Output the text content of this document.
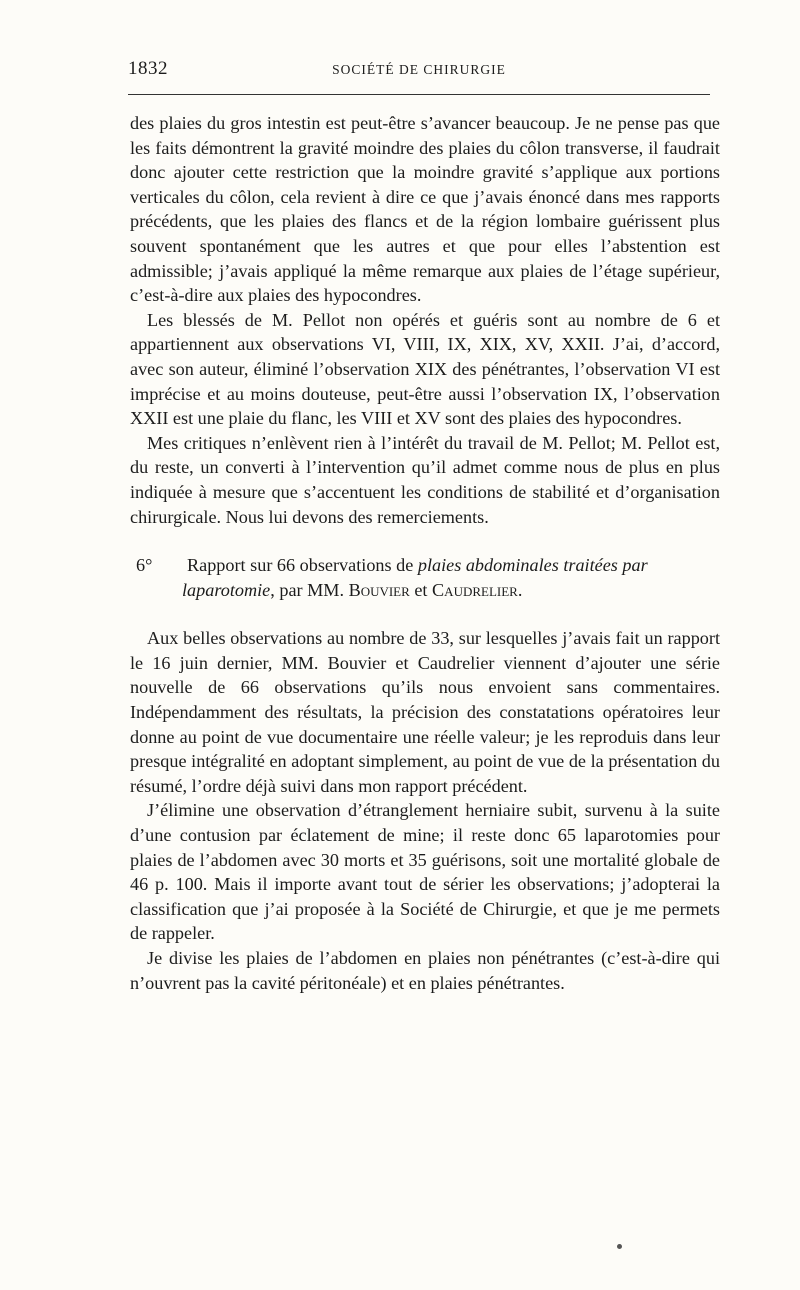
1832	SOCIÉTÉ DE CHIRURGIE

des plaies du gros intestin est peut-être s’avancer beaucoup. Je ne pense pas que les faits démontrent la gravité moindre des plaies du côlon transverse, il faudrait donc ajouter cette restriction que la moindre gravité s’applique aux portions verticales du côlon, cela revient à dire ce que j’avais énoncé dans mes rapports précédents, que les plaies des flancs et de la région lombaire guérissent plus souvent spontanément que les autres et que pour elles l’abstention est admissible; j’avais appliqué la même remarque aux plaies de l’étage supérieur, c’est-à-dire aux plaies des hypocondres.

Les blessés de M. Pellot non opérés et guéris sont au nombre de 6 et appartiennent aux observations VI, VIII, IX, XIX, XV, XXII. J’ai, d’accord, avec son auteur, éliminé l’observation XIX des pénétrantes, l’observation VI est imprécise et au moins douteuse, peut-être aussi l’observation IX, l’observation XXII est une plaie du flanc, les VIII et XV sont des plaies des hypocondres.

Mes critiques n’enlèvent rien à l’intérêt du travail de M. Pellot; M. Pellot est, du reste, un converti à l’intervention qu’il admet comme nous de plus en plus indiquée à mesure que s’accentuent les conditions de stabilité et d’organisation chirurgicale. Nous lui devons des remerciements.

6° Rapport sur 66 observations de plaies abdominales traitées par laparotomie, par MM. Bouvier et Caudrelier.

Aux belles observations au nombre de 33, sur lesquelles j’avais fait un rapport le 16 juin dernier, MM. Bouvier et Caudrelier viennent d’ajouter une série nouvelle de 66 observations qu’ils nous envoient sans commentaires. Indépendamment des résultats, la précision des constatations opératoires leur donne au point de vue documentaire une réelle valeur; je les reproduis dans leur presque intégralité en adoptant simplement, au point de vue de la présentation du résumé, l’ordre déjà suivi dans mon rapport précédent.

J’élimine une observation d’étranglement herniaire subit, survenu à la suite d’une contusion par éclatement de mine; il reste donc 65 laparotomies pour plaies de l’abdomen avec 30 morts et 35 guérisons, soit une mortalité globale de 46 p. 100. Mais il importe avant tout de sérier les observations; j’adopterai la classification que j’ai proposée à la Société de Chirurgie, et que je me permets de rappeler.

Je divise les plaies de l’abdomen en plaies non pénétrantes (c’est-à-dire qui n’ouvrent pas la cavité péritonéale) et en plaies pénétrantes.
